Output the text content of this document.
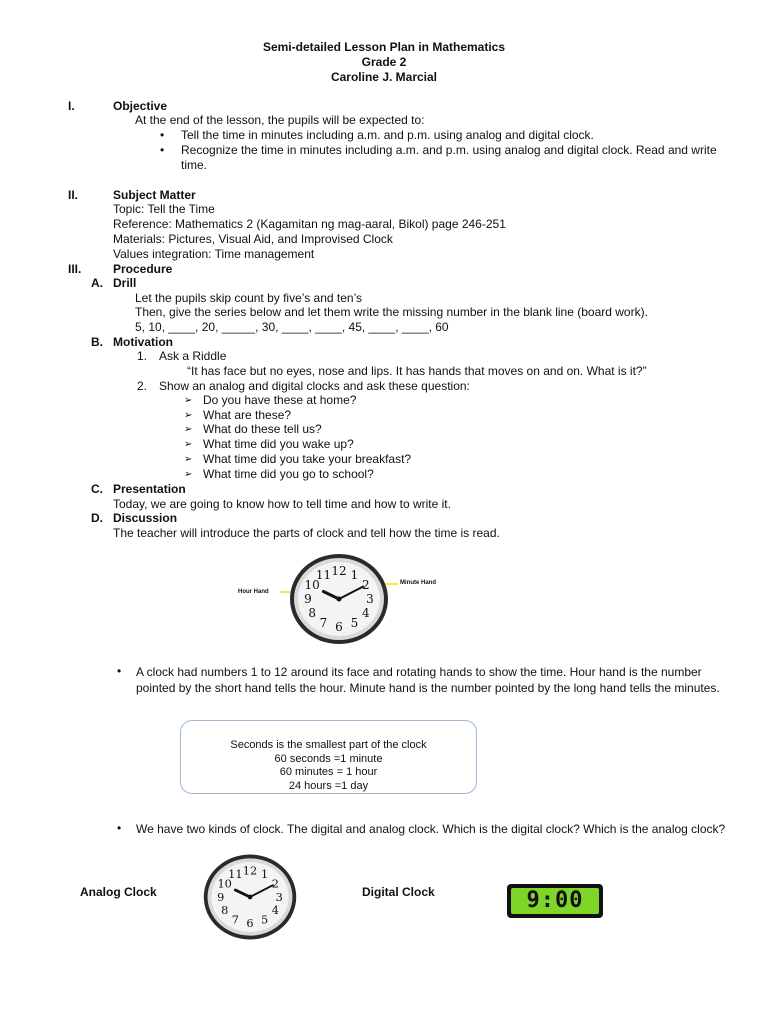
Semi-detailed Lesson Plan in Mathematics
Grade 2
Caroline J. Marcial
I.	Objective
At the end of the lesson, the pupils will be expected to:
• Tell the time in minutes including a.m. and p.m. using analog and digital clock.
• Recognize the time in minutes including a.m. and p.m. using analog and digital clock. Read and write time.
II.	Subject Matter
Topic: Tell the Time
Reference: Mathematics 2 (Kagamitan ng mag-aaral, Bikol) page 246-251
Materials: Pictures, Visual Aid, and Improvised Clock
Values integration: Time management
III.	Procedure
A. Drill
Let the pupils skip count by five’s and ten’s
Then, give the series below and let them write the missing number in the blank line (board work).
5, 10, ____, 20, _____, 30, ____, ____, 45, ____, ____, 60
B. Motivation
1. Ask a Riddle
“It has face but no eyes, nose and lips. It has hands that moves on and on. What is it?”
2. Show an analog and digital clocks and ask these question:
➢ Do you have these at home?
➢ What are these?
➢ What do these tell us?
➢ What time did you wake up?
➢ What time did you take your breakfast?
➢ What time did you go to school?
C. Presentation
Today, we are going to know how to tell time and how to write it.
D. Discussion
The teacher will introduce the parts of clock and tell how the time is read.
Hour Hand
Minute Hand
12 1
2
3
4
5
6
7
8
9
10
11
• A clock had numbers 1 to 12 around its face and rotating hands to show the time. Hour hand is the number pointed by the short hand tells the hour. Minute hand is the number pointed by the long hand tells the minutes.
Seconds is the smallest part of the clock
60 seconds =1 minute
60 minutes = 1 hour
24 hours =1 day
• We have two kinds of clock. The digital and analog clock. Which is the digital clock? Which is the analog clock?
Analog Clock
12 1
2
3
4
5
6
7
8
9
10
11
Digital Clock	9:00
